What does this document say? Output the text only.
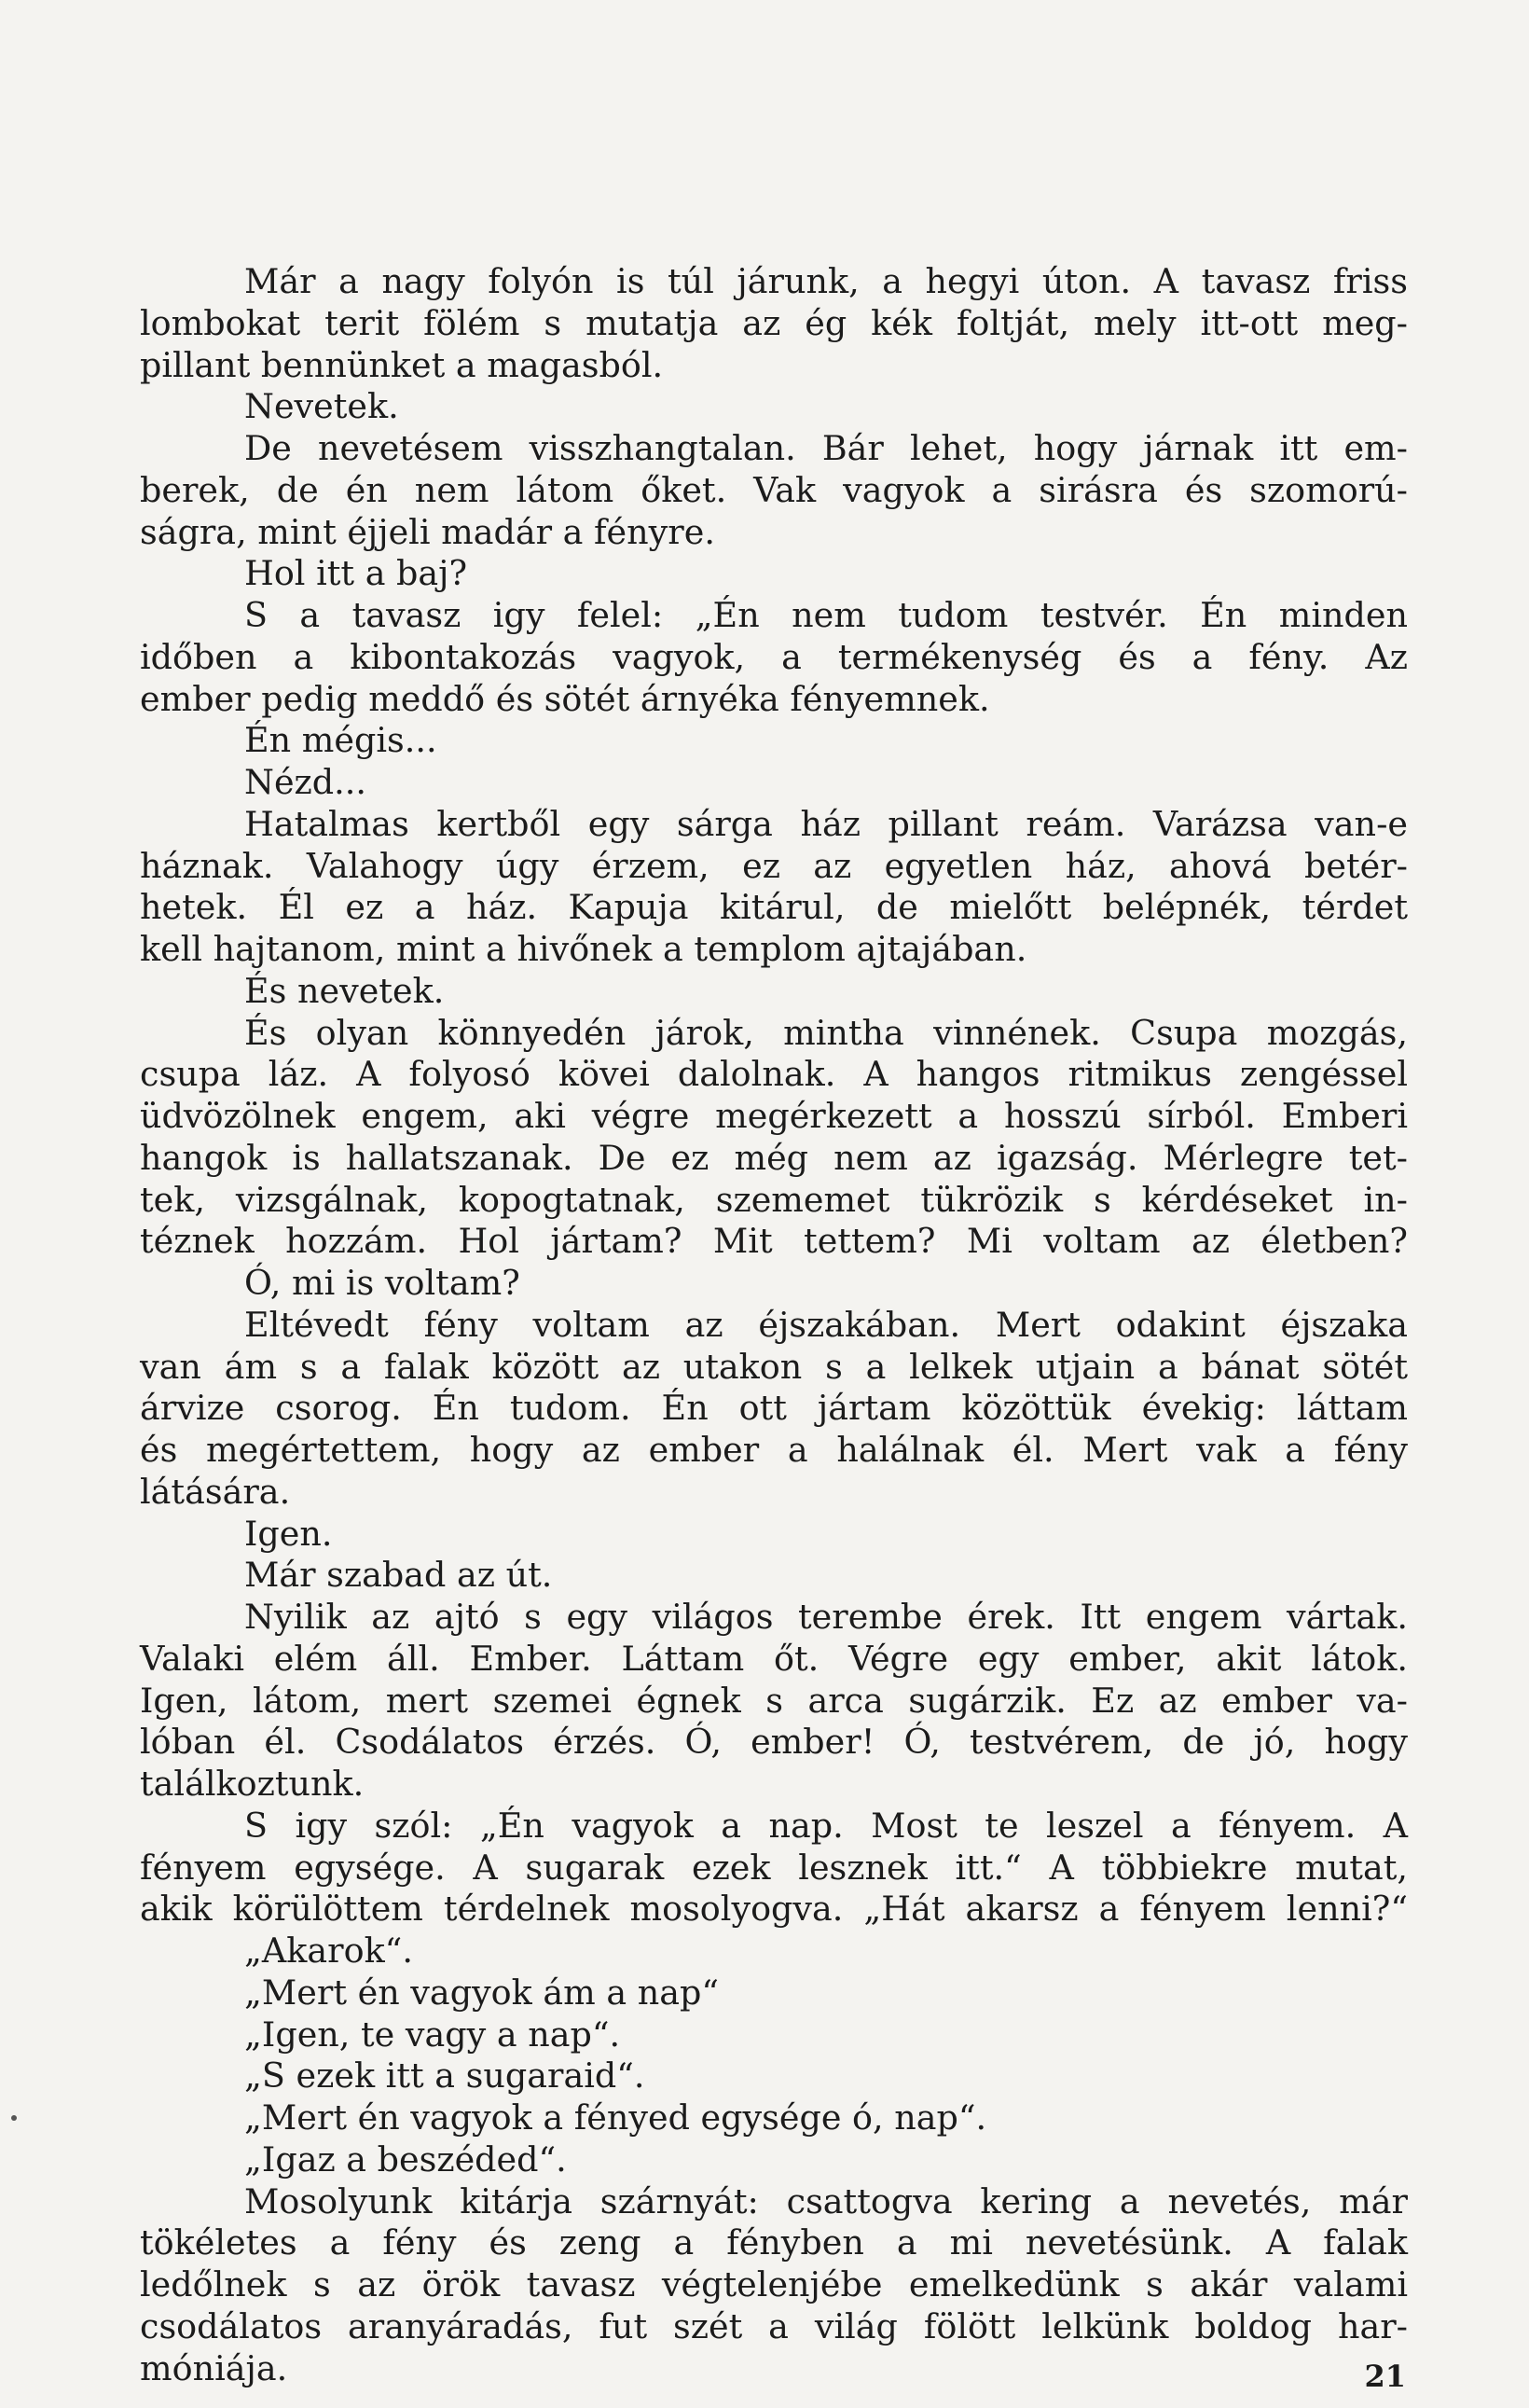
Már a nagy folyón is túl járunk, a hegyi úton. A tavasz friss
lombokat terit fölém s mutatja az ég kék foltját, mely itt-ott meg-
pillant bennünket a magasból.
Nevetek.
De nevetésem visszhangtalan. Bár lehet, hogy járnak itt em-
berek, de én nem látom őket. Vak vagyok a sirásra és szomorú-
ságra, mint éjjeli madár a fényre.
Hol itt a baj?
S a tavasz igy felel: „Én nem tudom testvér. Én minden
időben a kibontakozás vagyok, a termékenység és a fény. Az
ember pedig meddő és sötét árnyéka fényemnek.
Én mégis...
Nézd...
Hatalmas kertből egy sárga ház pillant reám. Varázsa van-e
háznak. Valahogy úgy érzem, ez az egyetlen ház, ahová betér-
hetek. Él ez a ház. Kapuja kitárul, de mielőtt belépnék, térdet
kell hajtanom, mint a hivőnek a templom ajtajában.
És nevetek.
És olyan könnyedén járok, mintha vinnének. Csupa mozgás,
csupa láz. A folyosó kövei dalolnak. A hangos ritmikus zengéssel
üdvözölnek engem, aki végre megérkezett a hosszú sírból. Emberi
hangok is hallatszanak. De ez még nem az igazság. Mérlegre tet-
tek, vizsgálnak, kopogtatnak, szememet tükrözik s kérdéseket in-
téznek hozzám. Hol jártam? Mit tettem? Mi voltam az életben?
Ó, mi is voltam?
Eltévedt fény voltam az éjszakában. Mert odakint éjszaka
van ám s a falak között az utakon s a lelkek utjain a bánat sötét
árvize csorog. Én tudom. Én ott jártam közöttük évekig: láttam
és megértettem, hogy az ember a halálnak él. Mert vak a fény
látására.
Igen.
Már szabad az út.
Nyilik az ajtó s egy világos terembe érek. Itt engem vártak.
Valaki elém áll. Ember. Láttam őt. Végre egy ember, akit látok.
Igen, látom, mert szemei égnek s arca sugárzik. Ez az ember va-
lóban él. Csodálatos érzés. Ó, ember! Ó, testvérem, de jó, hogy
találkoztunk.
S igy szól: „Én vagyok a nap. Most te leszel a fényem. A
fényem egysége. A sugarak ezek lesznek itt.“ A többiekre mutat,
akik körülöttem térdelnek mosolyogva. „Hát akarsz a fényem lenni?“
„Akarok“.
„Mert én vagyok ám a nap“
„Igen, te vagy a nap“.
„S ezek itt a sugaraid“.
„Mert én vagyok a fényed egysége ó, nap“.
„Igaz a beszéded“.
Mosolyunk kitárja szárnyát: csattogva kering a nevetés, már
tökéletes a fény és zeng a fényben a mi nevetésünk. A falak
ledőlnek s az örök tavasz végtelenjébe emelkedünk s akár valami
csodálatos aranyáradás, fut szét a világ fölött lelkünk boldog har-
móniája.	21
